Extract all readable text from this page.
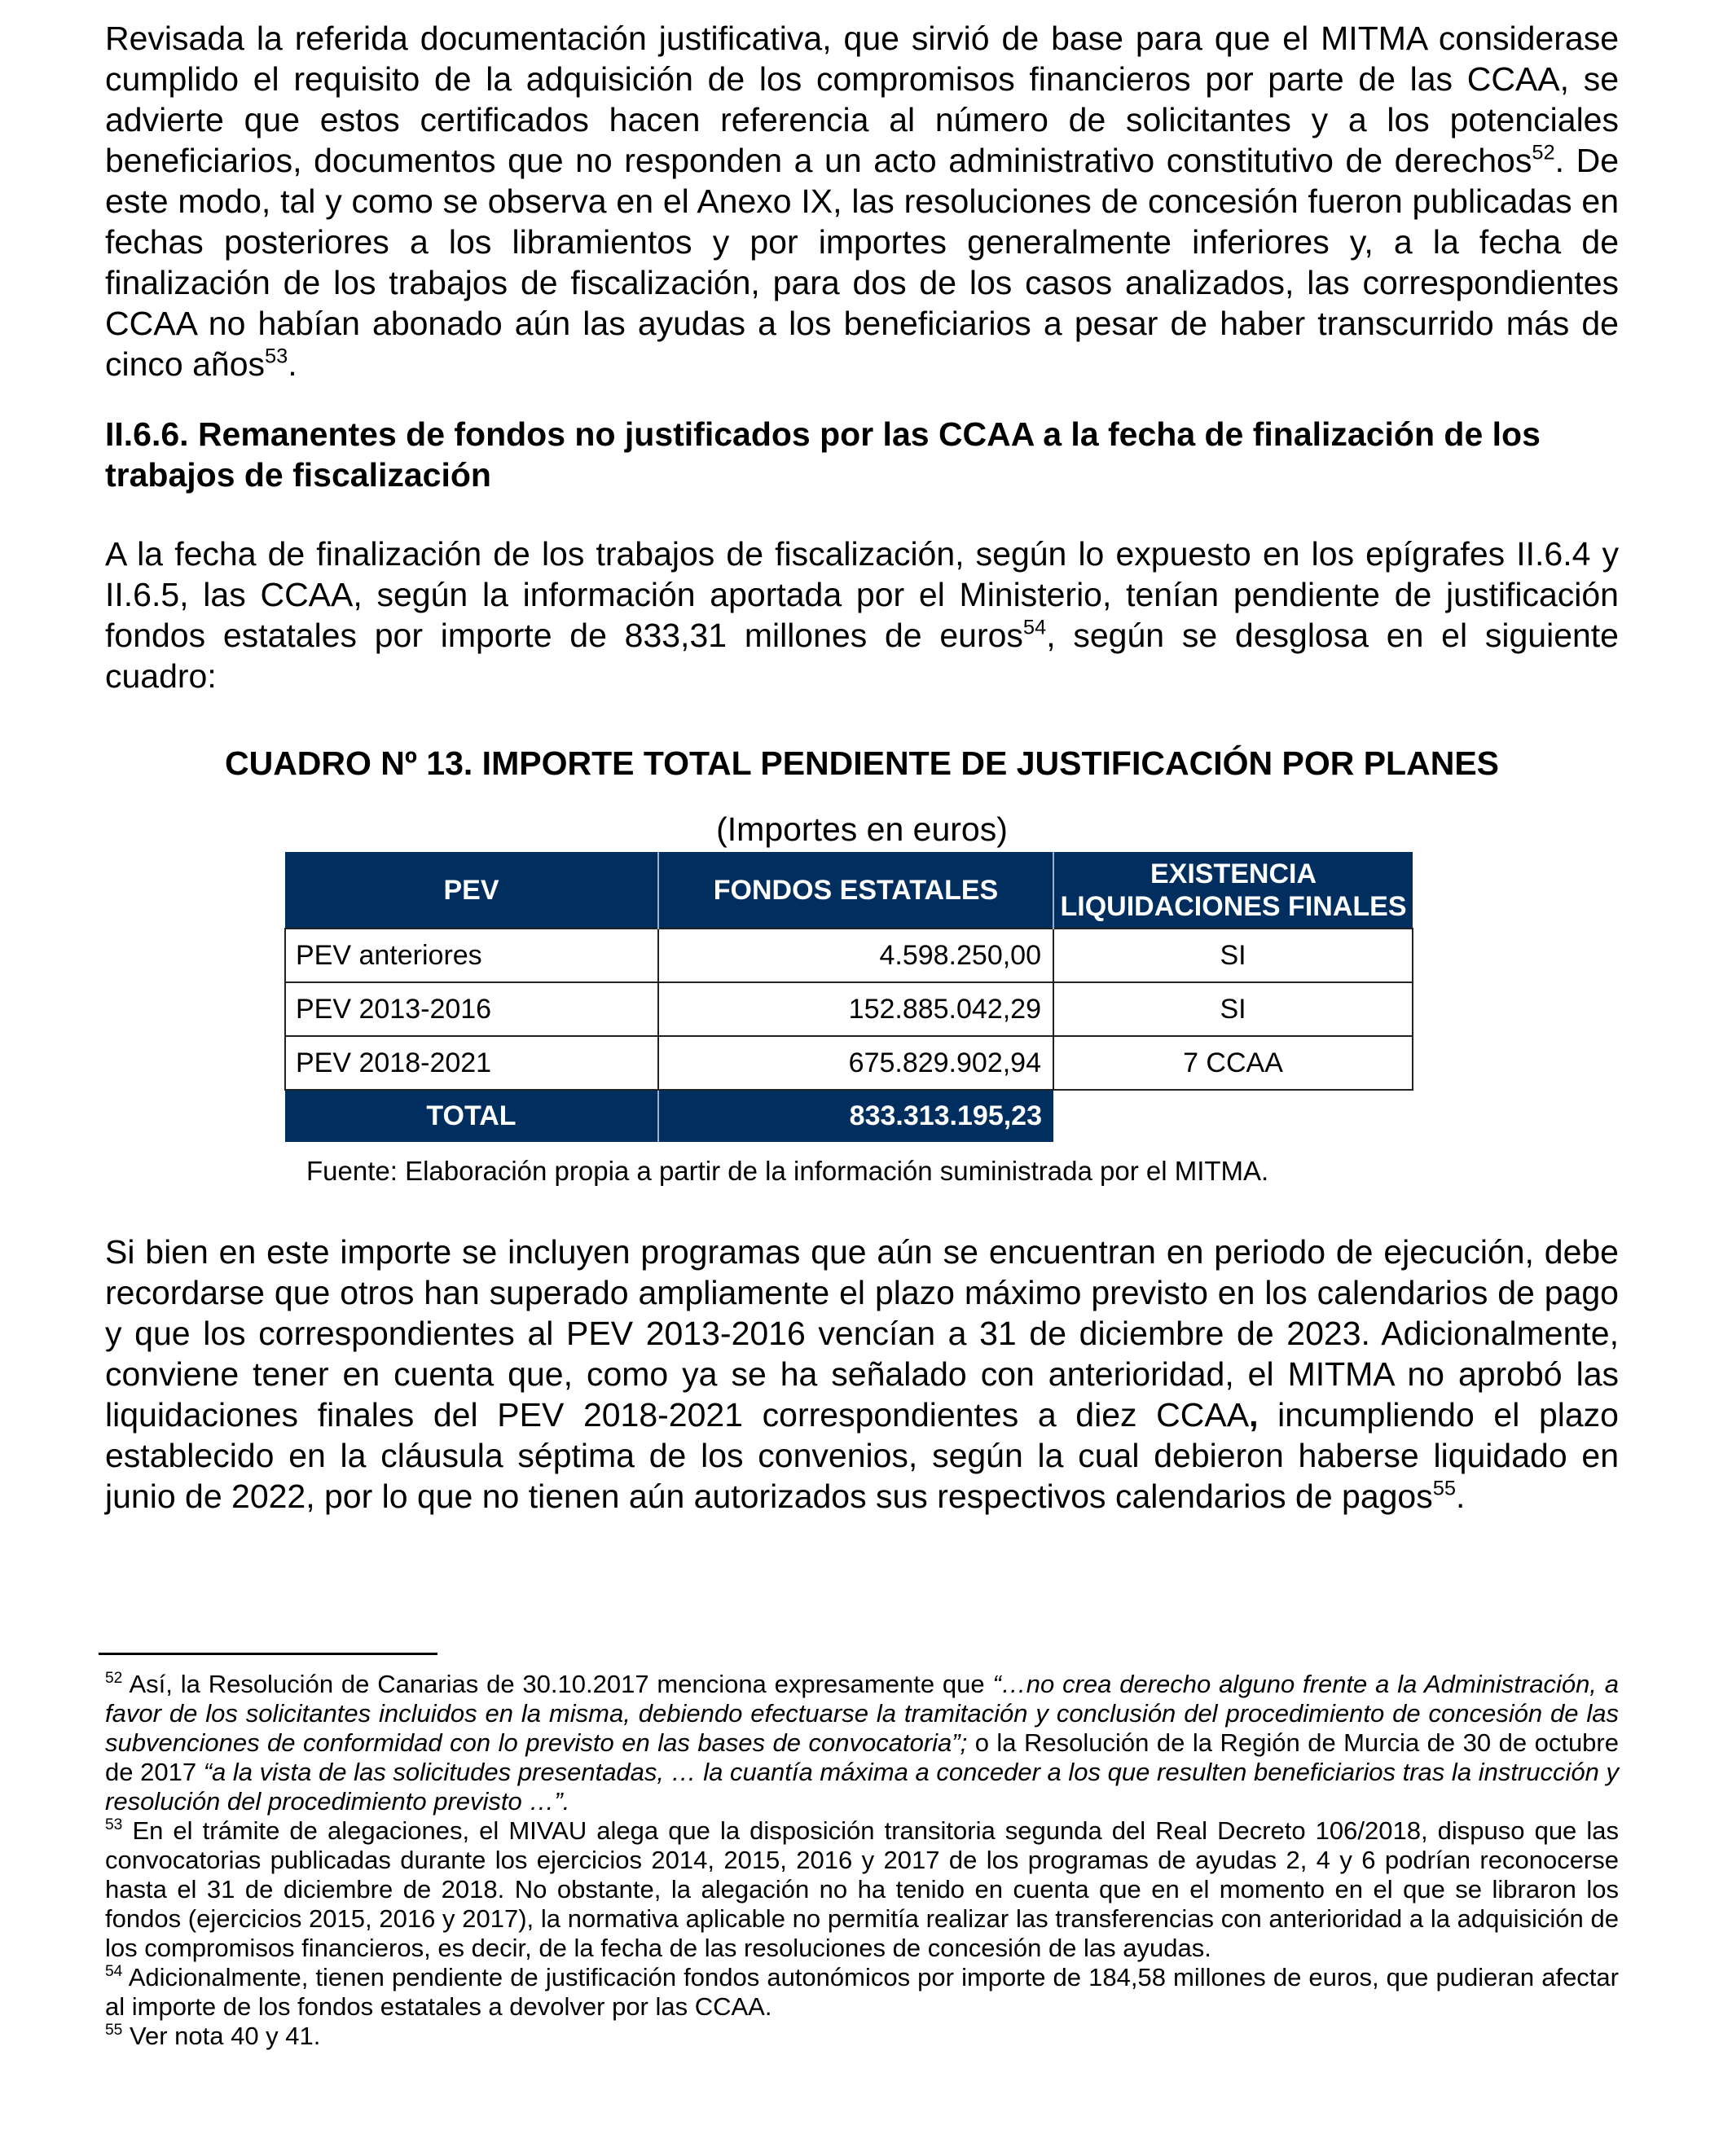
Revisada la referida documentación justificativa, que sirvió de base para que el MITMA considerase cumplido el requisito de la adquisición de los compromisos financieros por parte de las CCAA, se advierte que estos certificados hacen referencia al número de solicitantes y a los potenciales beneficiarios, documentos que no responden a un acto administrativo constitutivo de derechos$^{52}$. De este modo, tal y como se observa en el Anexo IX, las resoluciones de concesión fueron publicadas en fechas posteriores a los libramientos y por importes generalmente inferiores y, a la fecha de finalización de los trabajos de fiscalización, para dos de los casos analizados, las correspondientes CCAA no habían abonado aún las ayudas a los beneficiarios a pesar de haber transcurrido más de cinco años$^{53}$.

II.6.6. Remanentes de fondos no justificados por las CCAA a la fecha de finalización de los trabajos de fiscalización

A la fecha de finalización de los trabajos de fiscalización, según lo expuesto en los epígrafes II.6.4 y II.6.5, las CCAA, según la información aportada por el Ministerio, tenían pendiente de justificación fondos estatales por importe de 833,31 millones de euros$^{54}$, según se desglosa en el siguiente cuadro:

CUADRO Nº 13. IMPORTE TOTAL PENDIENTE DE JUSTIFICACIÓN POR PLANES
(Importes en euros)
PEV	FONDOS ESTATALES	EXISTENCIA
LIQUIDACIONES FINALES
PEV anteriores	4.598.250,00	SI
PEV 2013-2016	152.885.042,29	SI
PEV 2018-2021	675.829.902,94	7 CCAA
TOTAL	833.313.195,23	
Fuente: Elaboración propia a partir de la información suministrada por el MITMA.

Si bien en este importe se incluyen programas que aún se encuentran en periodo de ejecución, debe recordarse que otros han superado ampliamente el plazo máximo previsto en los calendarios de pago y que los correspondientes al PEV 2013-2016 vencían a 31 de diciembre de 2023. Adicionalmente, conviene tener en cuenta que, como ya se ha señalado con anterioridad, el MITMA no aprobó las liquidaciones finales del PEV 2018-2021 correspondientes a diez CCAA, incumpliendo el plazo establecido en la cláusula séptima de los convenios, según la cual debieron haberse liquidado en junio de 2022, por lo que no tienen aún autorizados sus respectivos calendarios de pagos$^{55}$.

$^{52}$ Así, la Resolución de Canarias de 30.10.2017 menciona expresamente que “…no crea derecho alguno frente a la Administración, a favor de los solicitantes incluidos en la misma, debiendo efectuarse la tramitación y conclusión del procedimiento de concesión de las subvenciones de conformidad con lo previsto en las bases de convocatoria”; o la Resolución de la Región de Murcia de 30 de octubre de 2017 “a la vista de las solicitudes presentadas, … la cuantía máxima a conceder a los que resulten beneficiarios tras la instrucción y resolución del procedimiento previsto …”.

$^{53}$ En el trámite de alegaciones, el MIVAU alega que la disposición transitoria segunda del Real Decreto 106/2018, dispuso que las convocatorias publicadas durante los ejercicios 2014, 2015, 2016 y 2017 de los programas de ayudas 2, 4 y 6 podrían reconocerse hasta el 31 de diciembre de 2018. No obstante, la alegación no ha tenido en cuenta que en el momento en el que se libraron los fondos (ejercicios 2015, 2016 y 2017), la normativa aplicable no permitía realizar las transferencias con anterioridad a la adquisición de los compromisos financieros, es decir, de la fecha de las resoluciones de concesión de las ayudas.

$^{54}$ Adicionalmente, tienen pendiente de justificación fondos autonómicos por importe de 184,58 millones de euros, que pudieran afectar al importe de los fondos estatales a devolver por las CCAA.

$^{55}$ Ver nota 40 y 41.
